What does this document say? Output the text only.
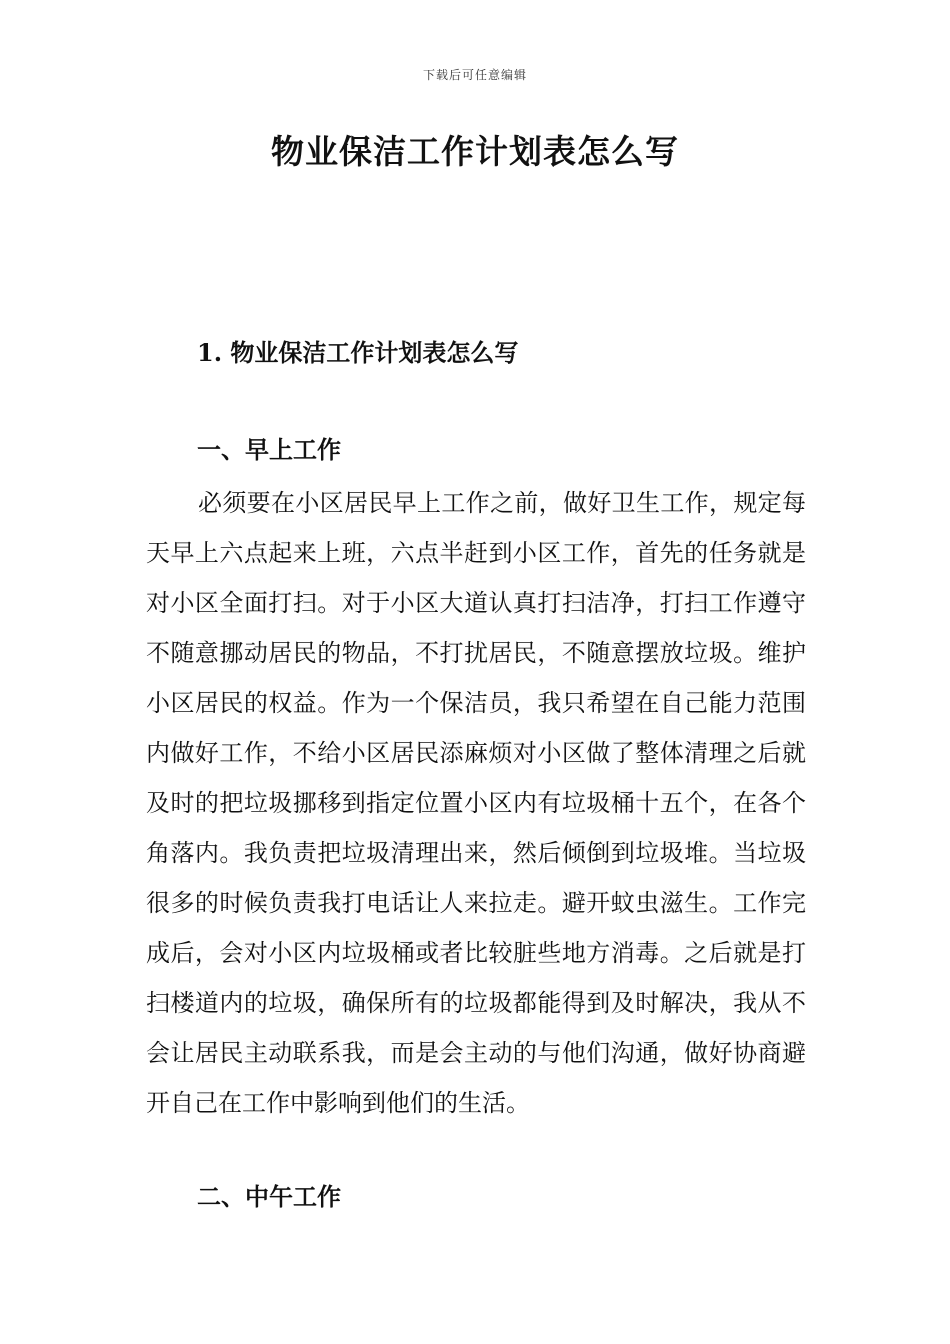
下载后可任意编辑
物业保洁工作计划表怎么写
1. 物业保洁工作计划表怎么写
一、早上工作

必须要在小区居民早上工作之前，做好卫生工作，规定每天早上六点起来上班，六点半赶到小区工作，首先的任务就是对小区全面打扫。对于小区大道认真打扫洁净，打扫工作遵守不随意挪动居民的物品，不打扰居民，不随意摆放垃圾。维护小区居民的权益。作为一个保洁员，我只希望在自己能力范围内做好工作，不给小区居民添麻烦对小区做了整体清理之后就及时的把垃圾挪移到指定位置小区内有垃圾桶十五个，在各个角落内。我负责把垃圾清理出来，然后倾倒到垃圾堆。当垃圾很多的时候负责我打电话让人来拉走。避开蚊虫滋生。工作完成后，会对小区内垃圾桶或者比较脏些地方消毒。之后就是打扫楼道内的垃圾，确保所有的垃圾都能得到及时解决，我从不会让居民主动联系我，而是会主动的与他们沟通，做好协商避开自己在工作中影响到他们的生活。

二、中午工作
